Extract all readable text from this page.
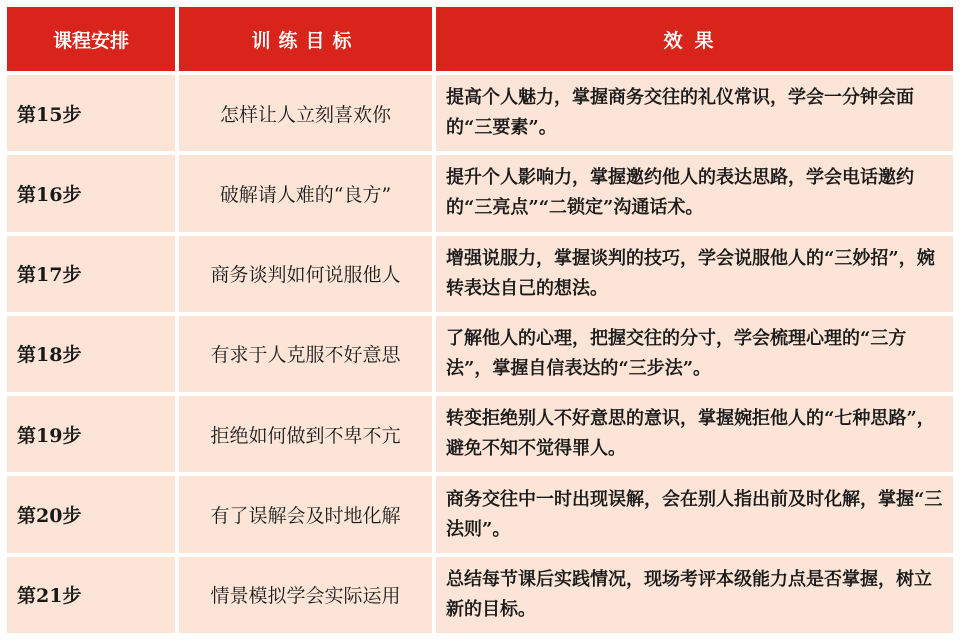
课程安排	训练目标	效果
第15步	怎样让人立刻喜欢你	提高个人魅力，掌握商务交往的礼仪常识，学会一分钟会面的“三要素”。
第16步	破解请人难的“良方”	提升个人影响力，掌握邀约他人的表达思路，学会电话邀约的“三亮点”“二锁定”沟通话术。
第17步	商务谈判如何说服他人	增强说服力，掌握谈判的技巧，学会说服他人的“三妙招”，婉转表达自己的想法。
第18步	有求于人克服不好意思	了解他人的心理，把握交往的分寸，学会梳理心理的“三方法”，掌握自信表达的“三步法”。
第19步	拒绝如何做到不卑不亢	转变拒绝别人不好意思的意识，掌握婉拒他人的“七种思路”，避免不知不觉得罪人。
第20步	有了误解会及时地化解	商务交往中一时出现误解，会在别人指出前及时化解，掌握“三法则”。
第21步	情景模拟学会实际运用	总结每节课后实践情况，现场考评本级能力点是否掌握，树立新的目标。
